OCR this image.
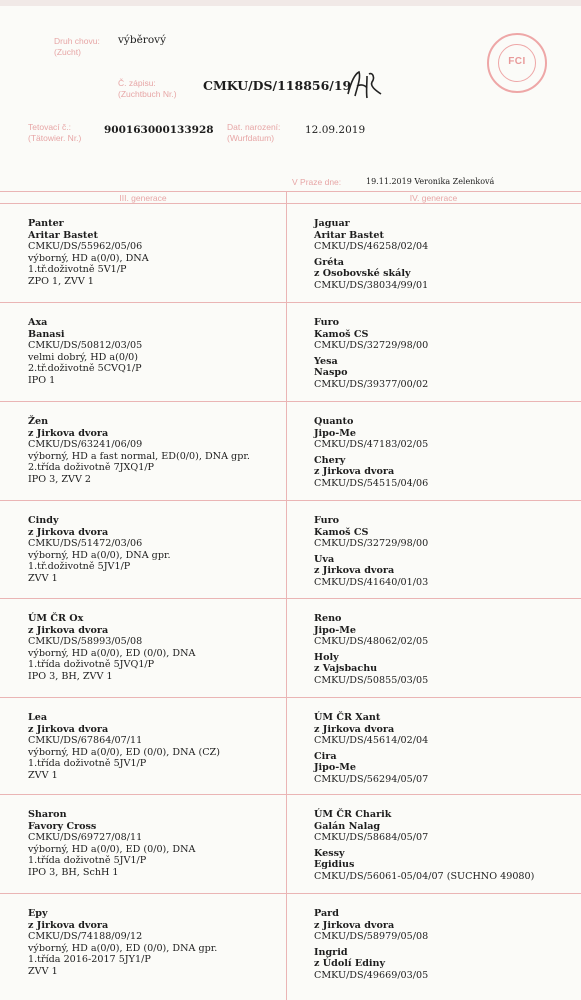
Druh chovu:
(Zucht)
výběrový
Č. zápisu:
(Zuchtbuch Nr.)
CMKU/DS/118856/19
Tetovací č.:
(Tätowier. Nr.)
900163000133928 Dat. narození:
(Wurfdatum)
12.09.2019
V Praze dne:	19.11.2019 Veronika Zelenková
FCI
III. generace	IV. generace
Panter
Aritar Bastet
CMKU/DS/55962/05/06
výborný, HD a(0/0), DNA
1.tř.doživotně 5V1/P
ZPO 1, ZVV 1
Jaguar
Aritar Bastet
CMKU/DS/46258/02/04
Gréta
z Osobovské skály
CMKU/DS/38034/99/01
Axa
Banasi
CMKU/DS/50812/03/05
velmi dobrý, HD a(0/0)
2.tř.doživotně 5CVQ1/P
IPO 1
Furo
Kamoš CS
CMKU/DS/32729/98/00
Yesa
Naspo
CMKU/DS/39377/00/02
Žen
z Jirkova dvora
CMKU/DS/63241/06/09
výborný, HD a fast normal, ED(0/0), DNA gpr.
2.třída doživotně 7JXQ1/P
IPO 3, ZVV 2
Quanto
Jipo-Me
CMKU/DS/47183/02/05
Chery
z Jirkova dvora
CMKU/DS/54515/04/06
Cindy
z Jirkova dvora
CMKU/DS/51472/03/06
výborný, HD a(0/0), DNA gpr.
1.tř.doživotně 5JV1/P
ZVV 1
Furo
Kamoš CS
CMKU/DS/32729/98/00
Uva
z Jirkova dvora
CMKU/DS/41640/01/03
ÚM ČR Ox
z Jirkova dvora
CMKU/DS/58993/05/08
výborný, HD a(0/0), ED (0/0), DNA
1.třída doživotně 5JVQ1/P
IPO 3, BH, ZVV 1
Reno
Jipo-Me
CMKU/DS/48062/02/05
Holy
z Vajsbachu
CMKU/DS/50855/03/05
Lea
z Jirkova dvora
CMKU/DS/67864/07/11
výborný, HD a(0/0), ED (0/0), DNA (CZ)
1.třída doživotně 5JV1/P
ZVV 1
ÚM ČR Xant
z Jirkova dvora
CMKU/DS/45614/02/04
Cira
Jipo-Me
CMKU/DS/56294/05/07
Sharon
Favory Cross
CMKU/DS/69727/08/11
výborný, HD a(0/0), ED (0/0), DNA
1.třída doživotně 5JV1/P
IPO 3, BH, SchH 1
ÚM ČR Charik
Galán Nalag
CMKU/DS/58684/05/07
Kessy
Egidius
CMKU/DS/56061-05/04/07 (SUCHNO 49080)
Epy
z Jirkova dvora
CMKU/DS/74188/09/12
výborný, HD a(0/0), ED (0/0), DNA gpr.
1.třída 2016-2017 5JY1/P
ZVV 1
Pard
z Jirkova dvora
CMKU/DS/58979/05/08
Ingrid
z Údolí Ediny
CMKU/DS/49669/03/05
